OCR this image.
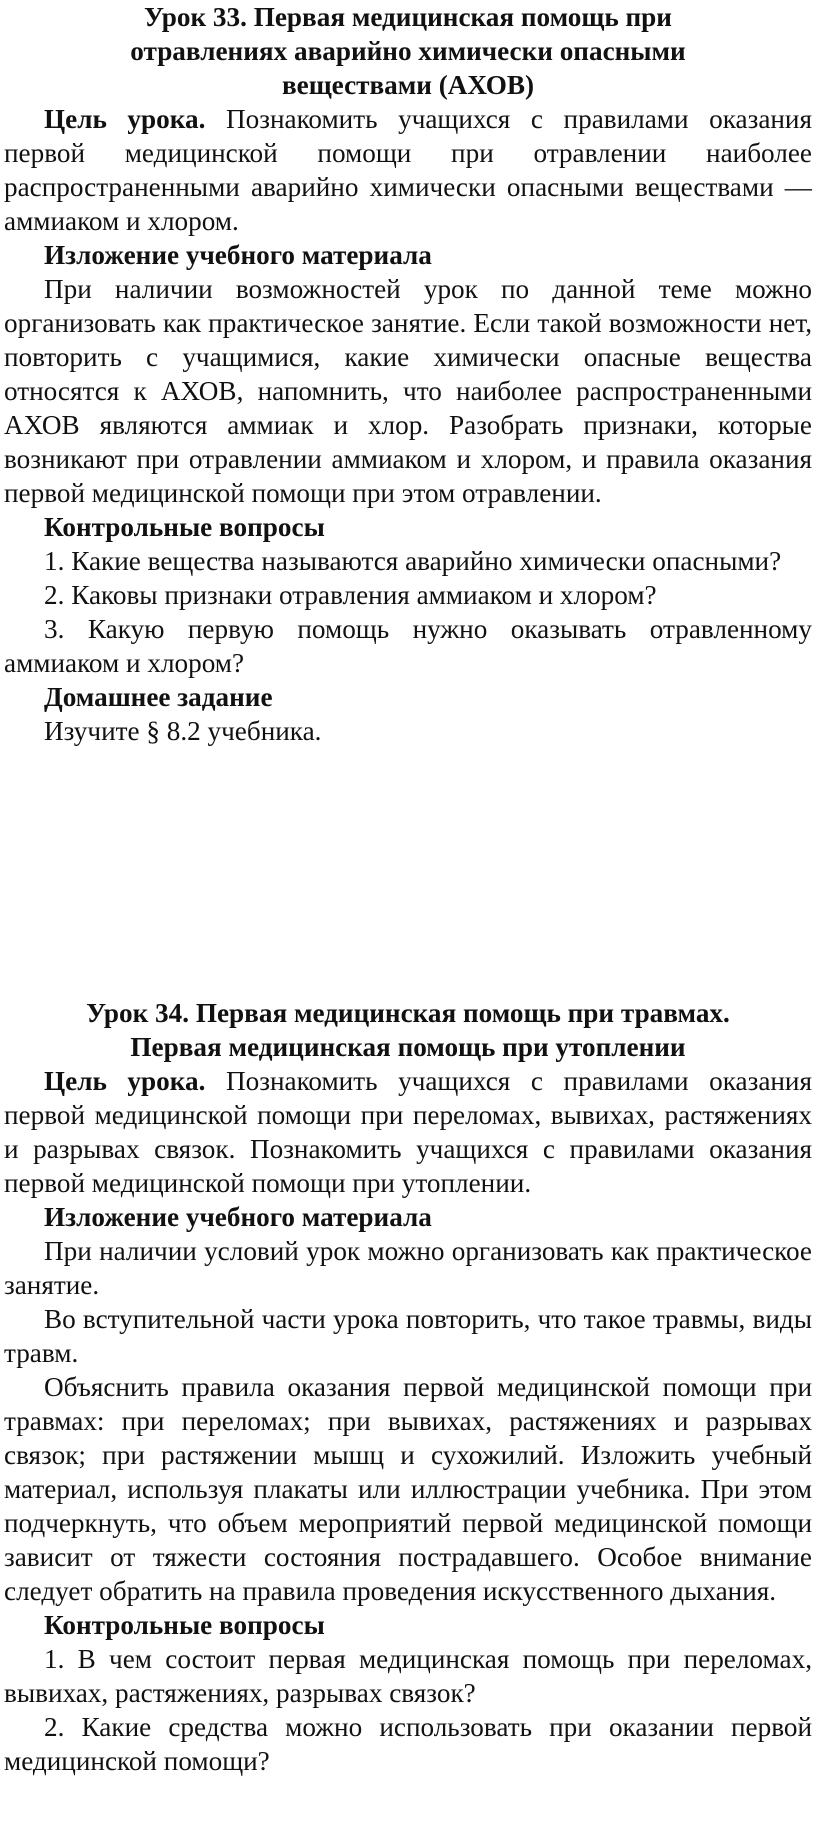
Урок 33. Первая медицинская помощь при
отравлениях аварийно химически опасными
веществами (АХОВ)

Цель урока. Познакомить учащихся с правилами оказания первой медицинской помощи при отравлении наиболее распространенными аварийно химически опасными веществами — аммиаком и хлором.

Изложение учебного материала

При наличии возможностей урок по данной теме можно организовать как практическое занятие. Если такой возможности нет, повторить с учащимися, какие химически опасные вещества относятся к АХОВ, напомнить, что наиболее распространенными АХОВ являются аммиак и хлор. Разобрать признаки, которые возникают при отравлении аммиаком и хлором, и правила оказания первой медицинской помощи при этом отравлении.

Контрольные вопросы

1. Какие вещества называются аварийно химически опасными?

2. Каковы признаки отравления аммиаком и хлором?

3. Какую первую помощь нужно оказывать отравленному аммиаком и хлором?

Домашнее задание

Изучите § 8.2 учебника.

Урок 34. Первая медицинская помощь при травмах.
Первая медицинская помощь при утоплении

Цель урока. Познакомить учащихся с правилами оказания первой медицинской помощи при переломах, вывихах, растяжениях и разрывах связок. Познакомить учащихся с правилами оказания первой медицинской помощи при утоплении.

Изложение учебного материала

При наличии условий урок можно организовать как практическое занятие.

Во вступительной части урока повторить, что такое травмы, виды травм.

Объяснить правила оказания первой медицинской помощи при травмах: при переломах; при вывихах, растяжениях и разрывах связок; при растяжении мышц и сухожилий. Изложить учебный материал, используя плакаты или иллюстрации учебника. При этом подчеркнуть, что объем мероприятий первой медицинской помощи зависит от тяжести состояния пострадавшего. Особое внимание следует обратить на правила проведения искусственного дыхания.

Контрольные вопросы

1. В чем состоит первая медицинская помощь при переломах, вывихах, растяжениях, разрывах связок?

2. Какие средства можно использовать при оказании первой медицинской помощи?
